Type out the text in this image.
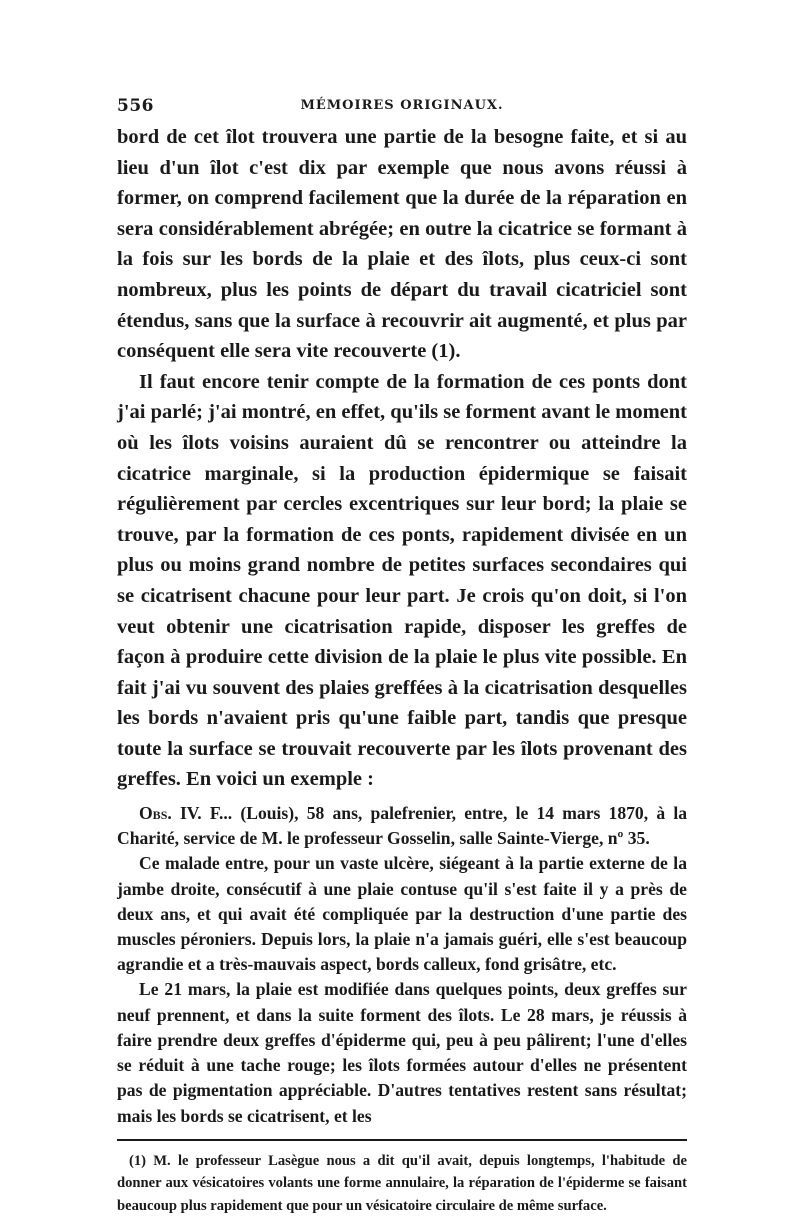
556	MÉMOIRES ORIGINAUX.

bord de cet îlot trouvera une partie de la besogne faite, et si au lieu d'un îlot c'est dix par exemple que nous avons réussi à former, on comprend facilement que la durée de la réparation en sera considérablement abrégée; en outre la cicatrice se formant à la fois sur les bords de la plaie et des îlots, plus ceux-ci sont nombreux, plus les points de départ du travail cicatriciel sont étendus, sans que la surface à recouvrir ait augmenté, et plus par conséquent elle sera vite recouverte (1).

Il faut encore tenir compte de la formation de ces ponts dont j'ai parlé; j'ai montré, en effet, qu'ils se forment avant le moment où les îlots voisins auraient dû se rencontrer ou atteindre la cicatrice marginale, si la production épidermique se faisait régulièrement par cercles excentriques sur leur bord; la plaie se trouve, par la formation de ces ponts, rapidement divisée en un plus ou moins grand nombre de petites surfaces secondaires qui se cicatrisent chacune pour leur part. Je crois qu'on doit, si l'on veut obtenir une cicatrisation rapide, disposer les greffes de façon à produire cette division de la plaie le plus vite possible. En fait j'ai vu souvent des plaies greffées à la cicatrisation desquelles les bords n'avaient pris qu'une faible part, tandis que presque toute la surface se trouvait recouverte par les îlots provenant des greffes. En voici un exemple :

Obs. IV. F... (Louis), 58 ans, palefrenier, entre, le 14 mars 1870, à la Charité, service de M. le professeur Gosselin, salle Sainte-Vierge, nº 35.

Ce malade entre, pour un vaste ulcère, siégeant à la partie externe de la jambe droite, consécutif à une plaie contuse qu'il s'est faite il y a près de deux ans, et qui avait été compliquée par la destruction d'une partie des muscles péroniers. Depuis lors, la plaie n'a jamais guéri, elle s'est beaucoup agrandie et a très-mauvais aspect, bords calleux, fond grisâtre, etc.

Le 21 mars, la plaie est modifiée dans quelques points, deux greffes sur neuf prennent, et dans la suite forment des îlots. Le 28 mars, je réussis à faire prendre deux greffes d'épiderme qui, peu à peu pâlirent; l'une d'elles se réduit à une tache rouge; les îlots formées autour d'elles ne présentent pas de pigmentation appréciable. D'autres tentatives restent sans résultat; mais les bords se cicatrisent, et les

(1) M. le professeur Lasègue nous a dit qu'il avait, depuis longtemps, l'habitude de donner aux vésicatoires volants une forme annulaire, la réparation de l'épiderme se faisant beaucoup plus rapidement que pour un vésicatoire circulaire de même surface.
